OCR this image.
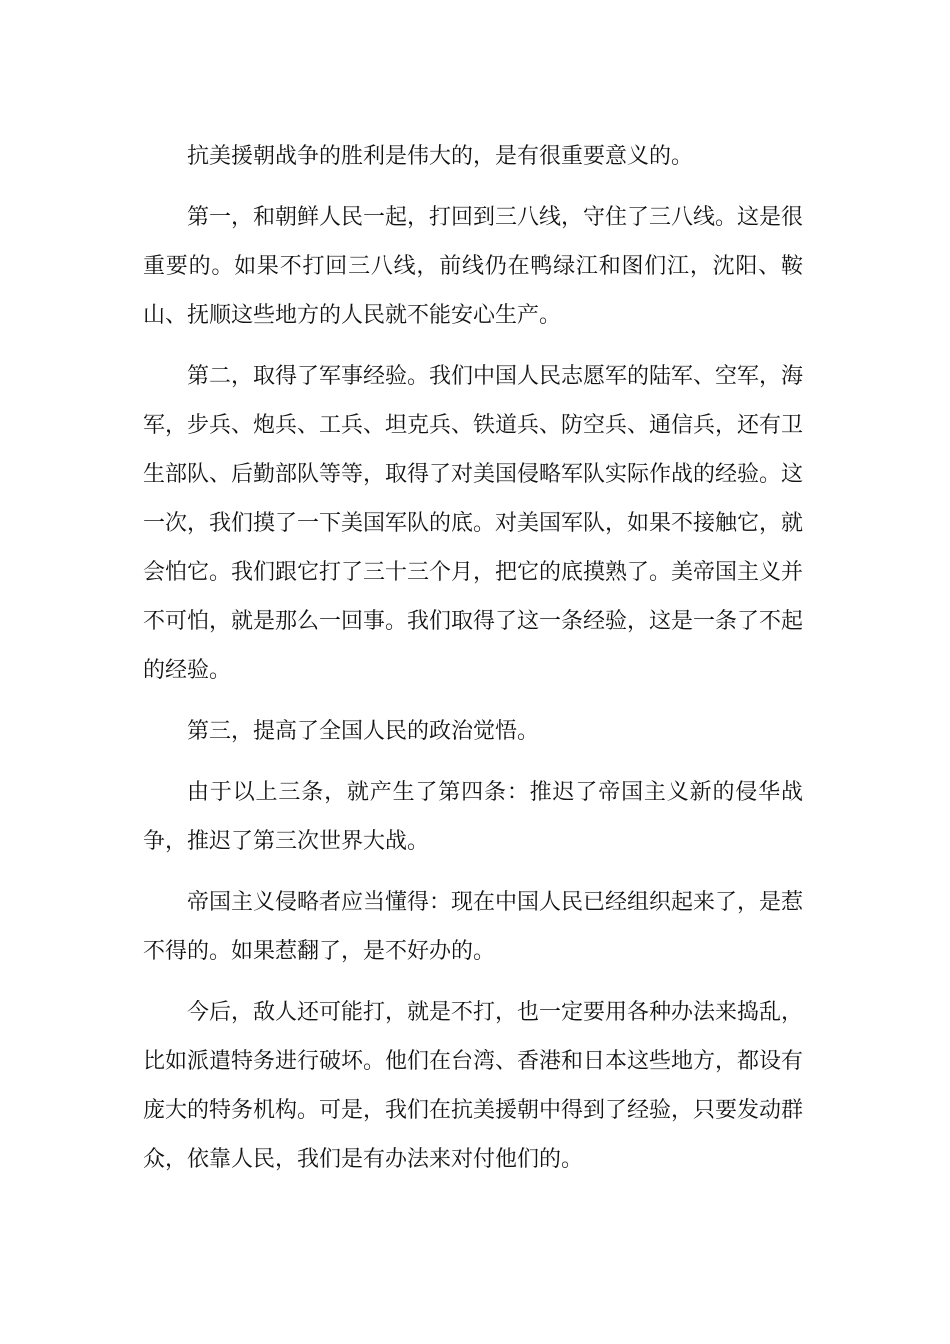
抗美援朝战争的胜利是伟大的，是有很重要意义的。

第一，和朝鲜人民一起，打回到三八线，守住了三八线。这是很重要的。如果不打回三八线，前线仍在鸭绿江和图们江，沈阳、鞍山、抚顺这些地方的人民就不能安心生产。

第二，取得了军事经验。我们中国人民志愿军的陆军、空军，海军，步兵、炮兵、工兵、坦克兵、铁道兵、防空兵、通信兵，还有卫生部队、后勤部队等等，取得了对美国侵略军队实际作战的经验。这一次，我们摸了一下美国军队的底。对美国军队，如果不接触它，就会怕它。我们跟它打了三十三个月，把它的底摸熟了。美帝国主义并不可怕，就是那么一回事。我们取得了这一条经验，这是一条了不起的经验。

第三，提高了全国人民的政治觉悟。

由于以上三条，就产生了第四条：推迟了帝国主义新的侵华战争，推迟了第三次世界大战。

帝国主义侵略者应当懂得：现在中国人民已经组织起来了，是惹不得的。如果惹翻了，是不好办的。

今后，敌人还可能打，就是不打，也一定要用各种办法来捣乱，比如派遣特务进行破坏。他们在台湾、香港和日本这些地方，都设有庞大的特务机构。可是，我们在抗美援朝中得到了经验，只要发动群众，依靠人民，我们是有办法来对付他们的。
